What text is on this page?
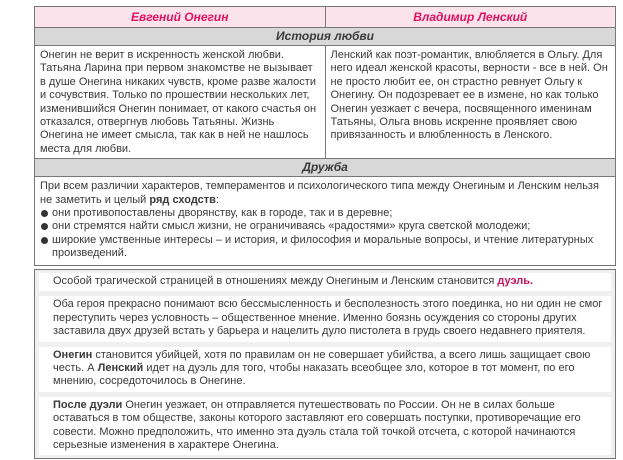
Евгений Онегин	Владимир Ленский
История любви
Онегин не верит в искренность женской любви. Татьяна Ларина при первом знакомстве не вызывает в душе Онегина никаких чувств, кроме разве жалости и сочувствия. Только по прошествии нескольких лет, изменившийся Онегин понимает, от какого счастья он отказался, отвергнув любовь Татьяны. Жизнь Онегина не имеет смысла, так как в ней не нашлось места для любви.
Ленский как поэт-романтик, влюбляется в Ольгу. Для него идеал женской красоты, верности - все в ней. Он не просто любит ее, он страстно ревнует Ольгу к Онегину. Он подозревает ее в измене, но как только Онегин уезжает с вечера, посвященного именинам Татьяны, Ольга вновь искренне проявляет свою привязанность и влюбленность в Ленского.
Дружба

При всем различии характеров, темпераментов и психологического типа между Онегиным и Ленским нельзя не заметить и целый ряд сходств:

они противопоставлены дворянству, как в городе, так и в деревне;
они стремятся найти смысл жизни, не ограничиваясь «радостями» круга светской молодежи;
широкие умственные интересы – и история, и философия и моральные вопросы, и чтение литературных произведений.
Особой трагической страницей в отношениях между Онегиным и Ленским становится дуэль.
Оба героя прекрасно понимают всю бессмысленность и бесполезность этого поединка, но ни один не смог переступить через условность – общественное мнение. Именно боязнь осуждения со стороны других заставила двух друзей встать у барьера и нацелить дуло пистолета в грудь своего недавнего приятеля.
Онегин становится убийцей, хотя по правилам он не совершает убийства, а всего лишь защищает свою честь. А Ленский идет на дуэль для того, чтобы наказать всеобщее зло, которое в тот момент, по его мнению, сосредоточилось в Онегине.
После дуэли Онегин уезжает, он отправляется путешествовать по России. Он не в силах больше оставаться в том обществе, законы которого заставляют его совершать поступки, противоречащие его совести. Можно предположить, что именно эта дуэль стала той точкой отсчета, с которой начинаются серьезные изменения в характере Онегина.
